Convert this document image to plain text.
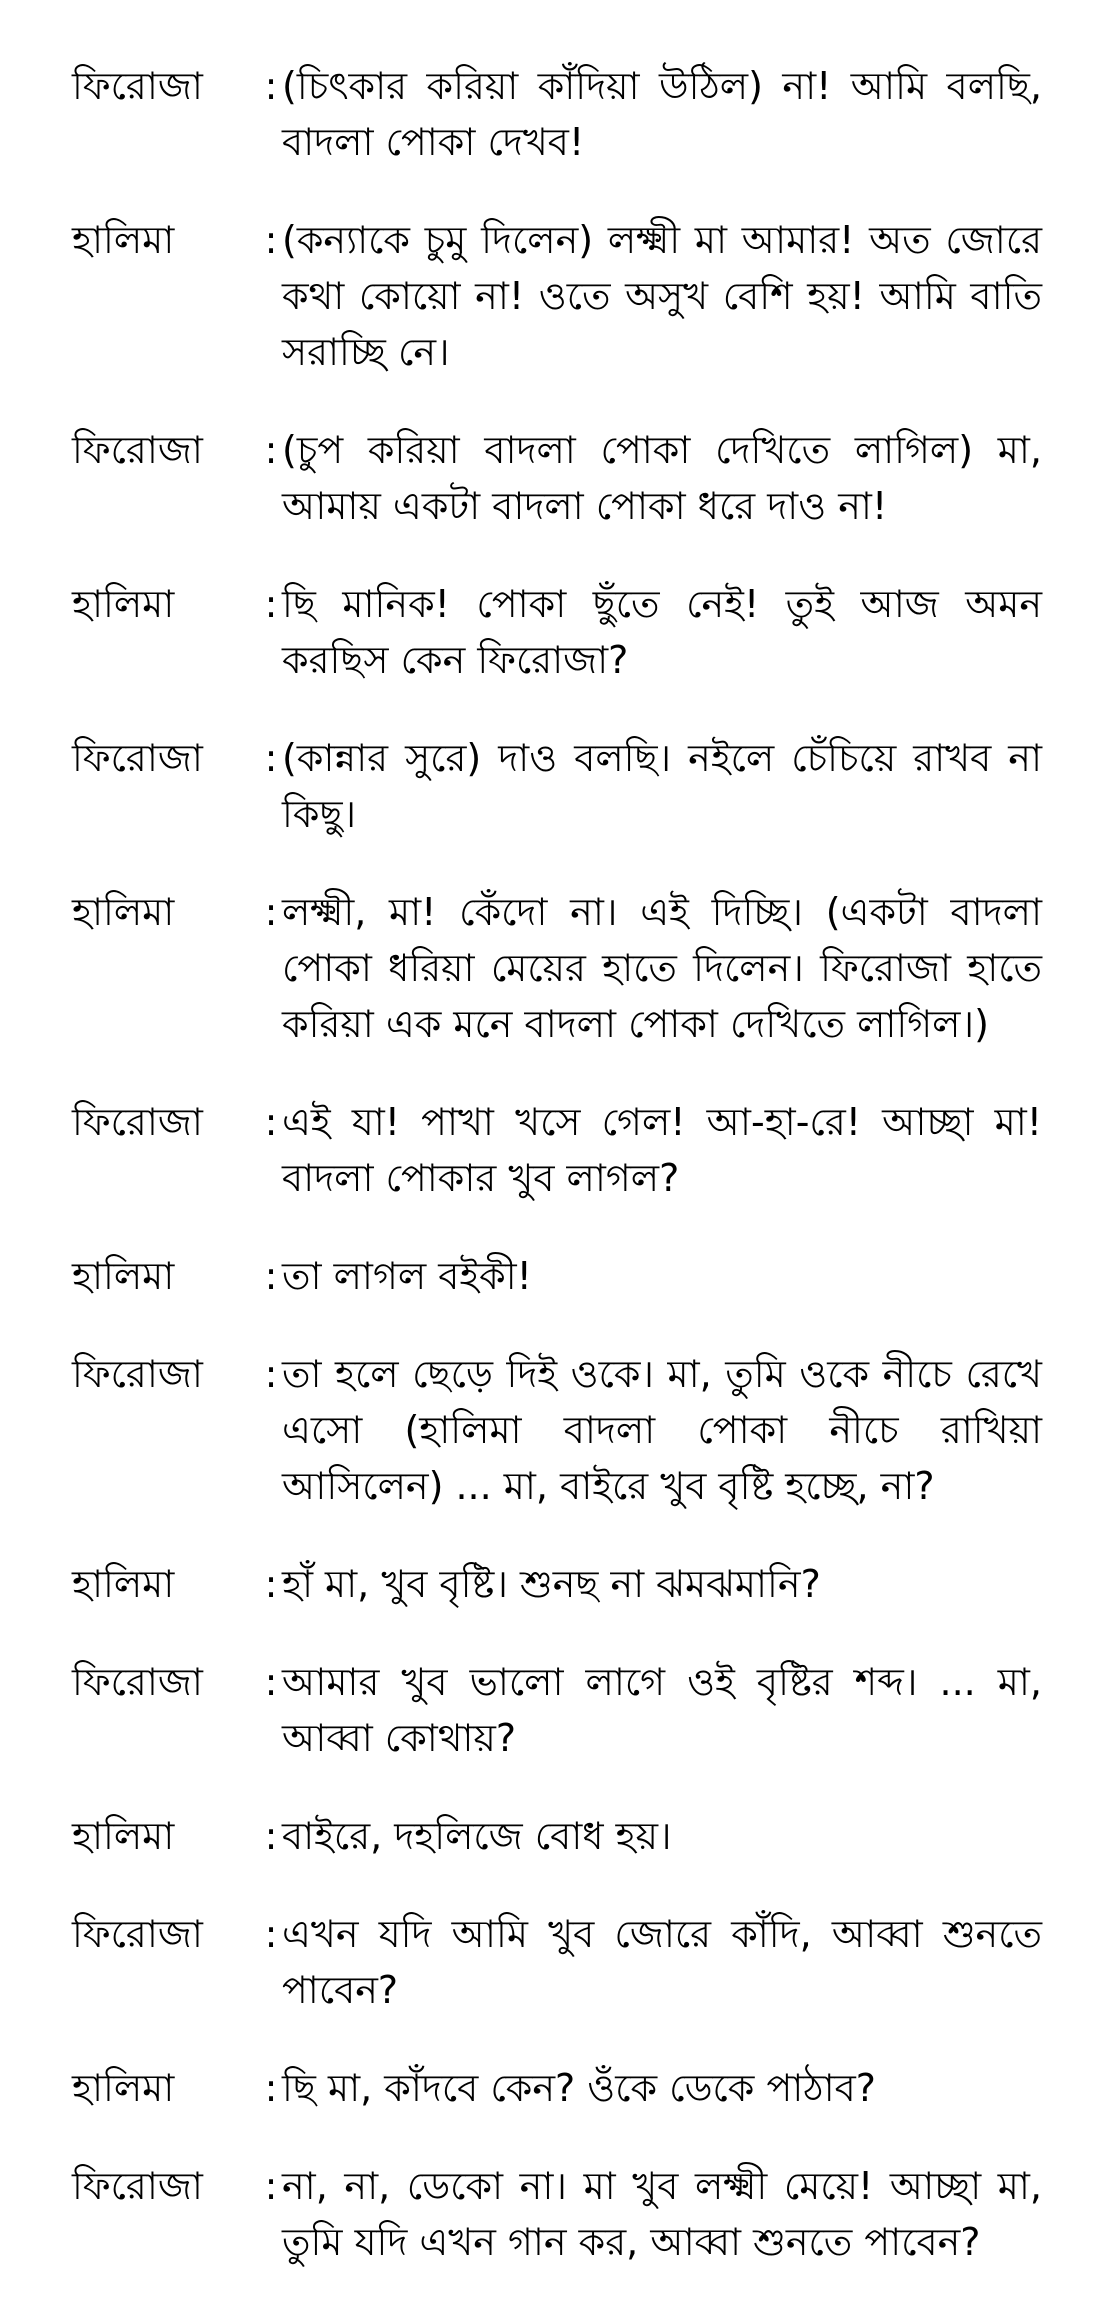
ফিরোজা	: (চিৎকার করিয়া কাঁদিয়া উঠিল) না! আমি বলছি, বাদলা পোকা দেখব!
হালিমা	: (কন্যাকে চুমু দিলেন) লক্ষ্মী মা আমার! অত জোরে কথা কোয়ো না! ওতে অসুখ বেশি হয়! আমি বাতি সরাচ্ছি নে।
ফিরোজা	: (চুপ করিয়া বাদলা পোকা দেখিতে লাগিল) মা, আমায় একটা বাদলা পোকা ধরে দাও না!
হালিমা	: ছি মানিক! পোকা ছুঁতে নেই! তুই আজ অমন করছিস কেন ফিরোজা?
ফিরোজা	: (কান্নার সুরে) দাও বলছি। নইলে চেঁচিয়ে রাখব না কিছু।
হালিমা	: লক্ষ্মী, মা! কেঁদো না। এই দিচ্ছি। (একটা বাদলা পোকা ধরিয়া মেয়ের হাতে দিলেন। ফিরোজা হাতে করিয়া এক মনে বাদলা পোকা দেখিতে লাগিল।)
ফিরোজা	: এই যা! পাখা খসে গেল! আ-হা-রে! আচ্ছা মা! বাদলা পোকার খুব লাগল?
হালিমা	: তা লাগল বইকী!
ফিরোজা	: তা হলে ছেড়ে দিই ওকে। মা, তুমি ওকে নীচে রেখে এসো (হালিমা বাদলা পোকা নীচে রাখিয়া আসিলেন) ... মা, বাইরে খুব বৃষ্টি হচ্ছে, না?
হালিমা	: হাঁ মা, খুব বৃষ্টি। শুনছ না ঝমঝমানি?
ফিরোজা	: আমার খুব ভালো লাগে ওই বৃষ্টির শব্দ। ... মা, আব্বা কোথায়?
হালিমা	: বাইরে, দহলিজে বোধ হয়।
ফিরোজা	: এখন যদি আমি খুব জোরে কাঁদি, আব্বা শুনতে পাবেন?
হালিমা	: ছি মা, কাঁদবে কেন? ওঁকে ডেকে পাঠাব?
ফিরোজা	: না, না, ডেকো না। মা খুব লক্ষ্মী মেয়ে! আচ্ছা মা, তুমি যদি এখন গান কর, আব্বা শুনতে পাবেন?
